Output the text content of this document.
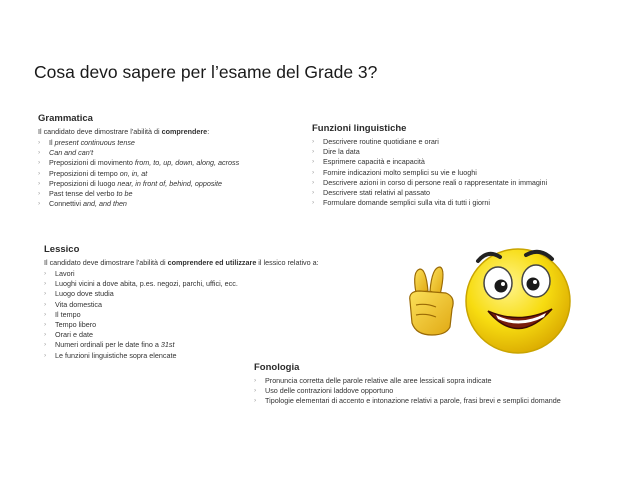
Cosa devo sapere per l’esame del Grade 3?
Grammatica
Il candidato deve dimostrare l'abilità di comprendere:
› Il present continuous tense
› Can and can't
› Preposizioni di movimento from, to, up, down, along, across
› Preposizioni di tempo on, in, at
› Preposizioni di luogo near, in front of, behind, opposite
› Past tense del verbo to be
› Connettivi and, and then
Funzioni linguistiche
› Descrivere routine quotidiane e orari
› Dire la data
› Esprimere capacità e incapacità
› Fornire indicazioni molto semplici su vie e luoghi
› Descrivere azioni in corso di persone reali o rappresentate in immagini
› Descrivere stati relativi al passato
› Formulare domande semplici sulla vita di tutti i giorni
Lessico
Il candidato deve dimostrare l'abilità di comprendere ed utilizzare il lessico relativo a:
› Lavori
› Luoghi vicini a dove abita, p.es. negozi, parchi, uffici, ecc.
› Luogo dove studia
› Vita domestica
› Il tempo
› Tempo libero
› Orari e date
› Numeri ordinali per le date fino a 31st
› Le funzioni linguistiche sopra elencate
Fonologia
› Pronuncia corretta delle parole relative alle aree lessicali sopra indicate
› Uso delle contrazioni laddove opportuno
› Tipologie elementari di accento e intonazione relativi a parole, frasi brevi e semplici domande
